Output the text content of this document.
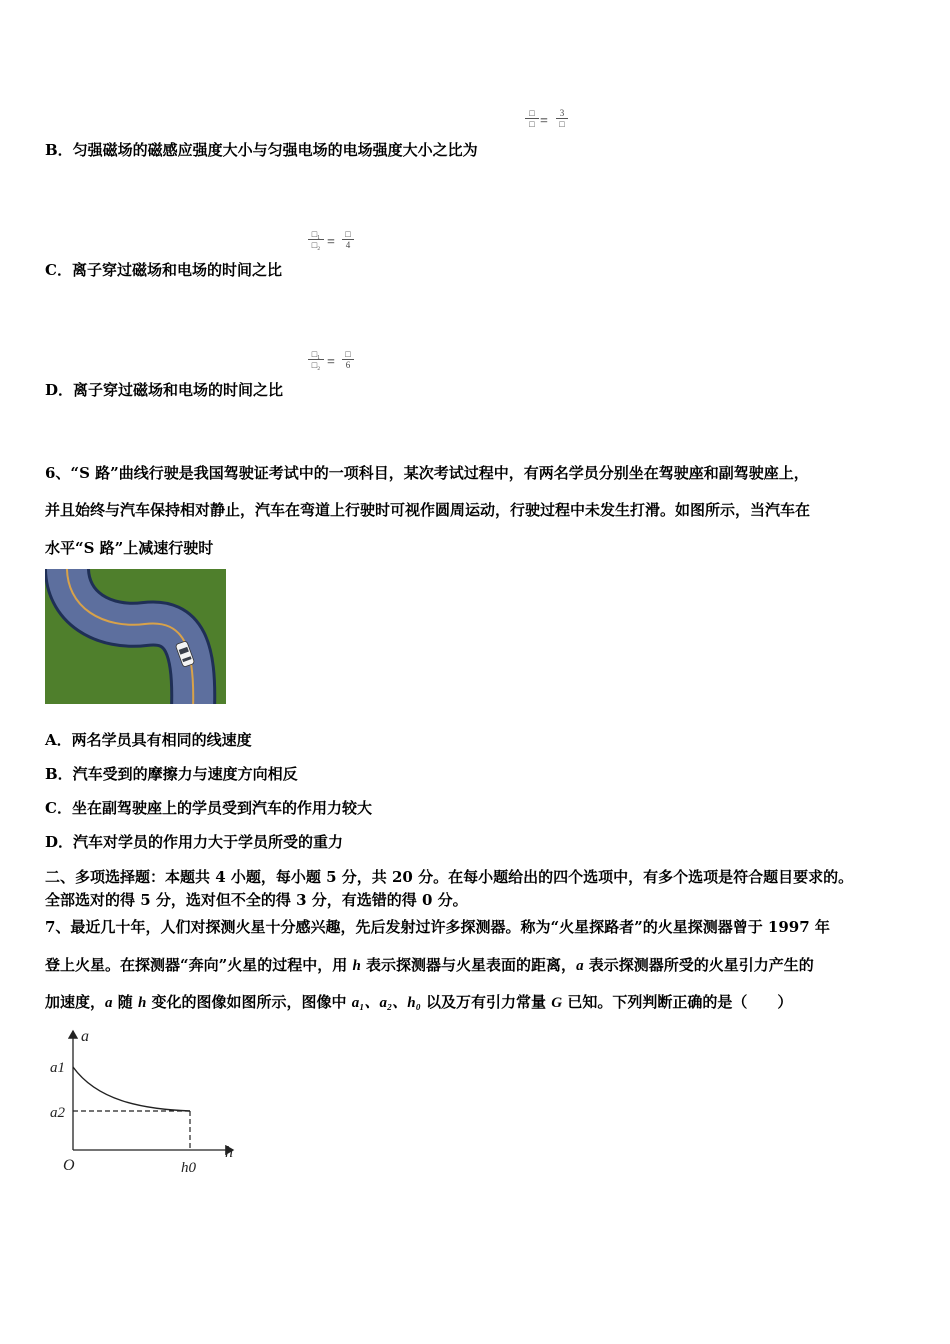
□
□ =
3
□
B．匀强磁场的磁感应强度大小与匀强电场的电场强度大小之比为
□₁
□₂ =
□
4
C．离子穿过磁场和电场的时间之比
□₁
□₂ =
□
6
D．离子穿过磁场和电场的时间之比
6、“S 路”曲线行驶是我国驾驶证考试中的一项科目，某次考试过程中，有两名学员分别坐在驾驶座和副驾驶座上，
并且始终与汽车保持相对静止，汽车在弯道上行驶时可视作圆周运动，行驶过程中未发生打滑。如图所示，当汽车在
水平“S 路”上减速行驶时
A．两名学员具有相同的线速度
B．汽车受到的摩擦力与速度方向相反
C．坐在副驾驶座上的学员受到汽车的作用力较大
D．汽车对学员的作用力大于学员所受的重力
二、多项选择题：本题共 4 小题，每小题 5 分，共 20 分。在每小题给出的四个选项中，有多个选项是符合题目要求的。
全部选对的得 5 分，选对但不全的得 3 分，有选错的得 0 分。
7、最近几十年，人们对探测火星十分感兴趣，先后发射过许多探测器。称为“火星探路者”的火星探测器曾于 1997 年
登上火星。在探测器“奔向”火星的过程中，用 h 表示探测器与火星表面的距离，a 表示探测器所受的火星引力产生的
加速度，a 随 h 变化的图像如图所示，图像中 a₁、a₂、h₀ 以及万有引力常量 G 已知。下列判断正确的是（　　）
a
h
O
a1
a2
h0
